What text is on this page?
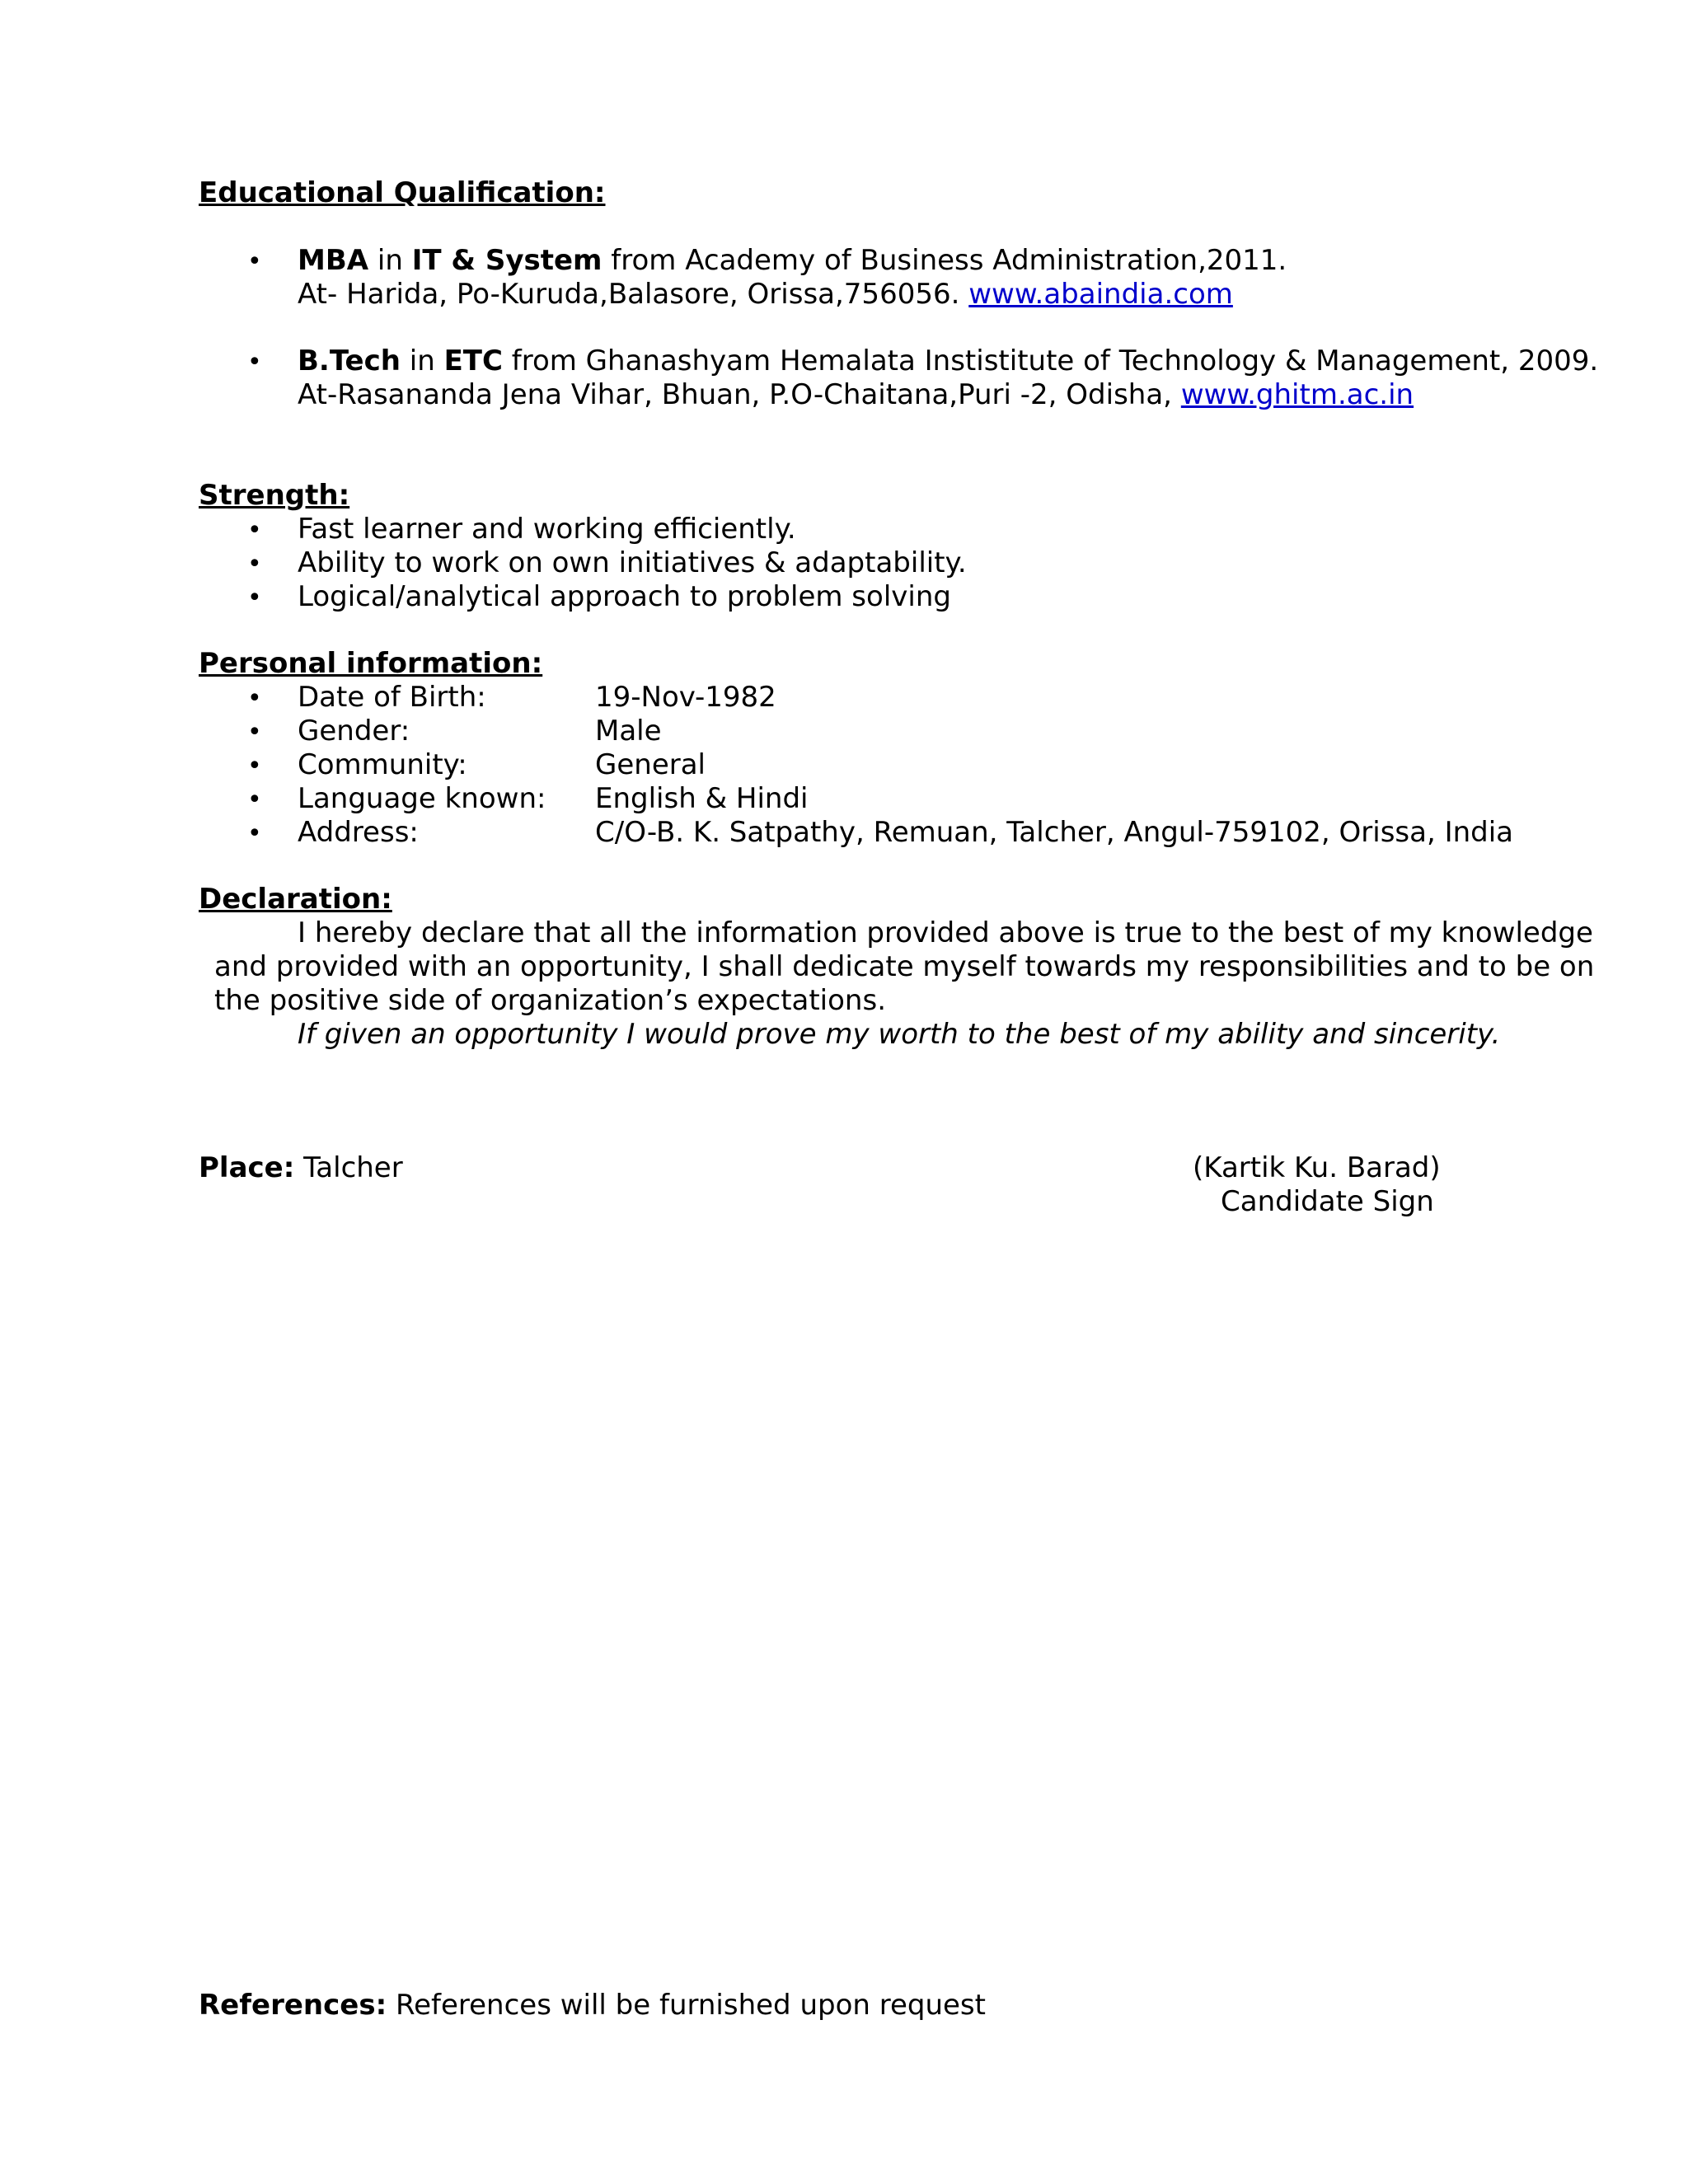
Educational Qualification:
• MBA in IT & System from Academy of Business Administration,2011.
At- Harida, Po-Kuruda,Balasore, Orissa,756056. www.abaindia.com
• B.Tech in ETC from Ghanashyam Hemalata Instistitute of Technology & Management, 2009.
At-Rasananda Jena Vihar, Bhuan, P.O-Chaitana,Puri -2, Odisha, www.ghitm.ac.in
Strength:
• Fast learner and working efficiently.
• Ability to work on own initiatives & adaptability.
• Logical/analytical approach to problem solving
Personal information:
• Date of Birth:	19-Nov-1982
• Gender:	Male
• Community:	General
• Language known: English & Hindi
• Address:	C/O-B. K. Satpathy, Remuan, Talcher, Angul-759102, Orissa, India
Declaration:
I hereby declare that all the information provided above is true to the best of my knowledge
and provided with an opportunity, I shall dedicate myself towards my responsibilities and to be on
the positive side of organization’s expectations.
If given an opportunity I would prove my worth to the best of my ability and sincerity.
Place: Talcher	(Kartik Ku. Barad)
Candidate Sign
References: References will be furnished upon request
